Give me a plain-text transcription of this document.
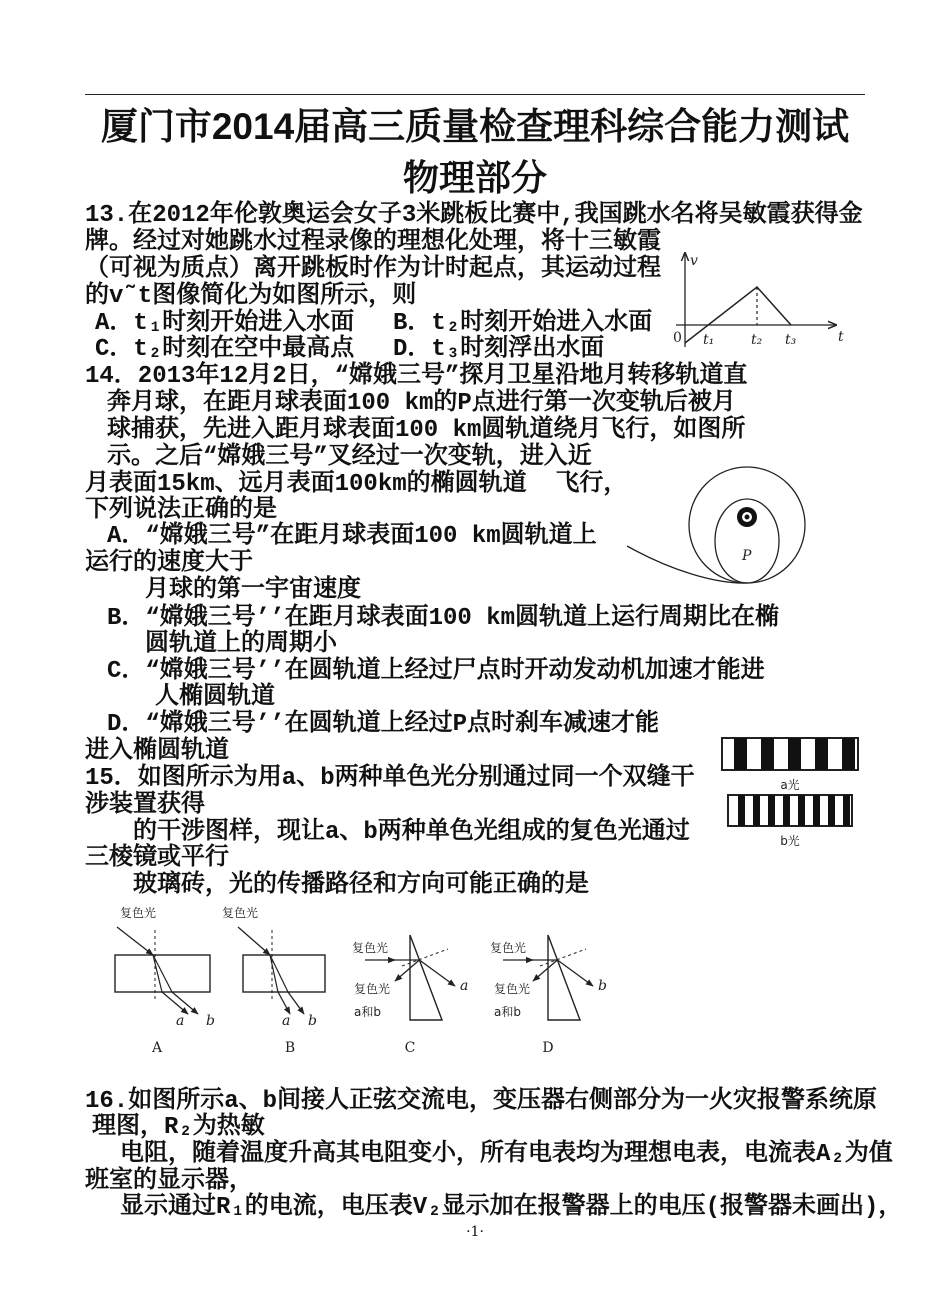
厦门市2014届高三质量检查理科综合能力测试
物理部分
13.在2012年伦敦奥运会女子3米跳板比赛中,我国跳水名将吴敏霞获得金
牌。经过对她跳水过程录像的理想化处理，将十三敏霞
（可视为质点）离开跳板时作为计时起点，其运动过程
的v˜t图像简化为如图所示，则
A．t₁时刻开始进入水面 B．t₂时刻开始进入水面
C．t₂时刻在空中最高点 D．t₃时刻浮出水面
v
0 t₁	t₂ t₃	t
14．2013年12月2日，“嫦娥三号”探月卫星沿地月转移轨道直
奔月球，在距月球表面100 km的P点进行第一次变轨后被月
球捕获，先进入距月球表面100 km圆轨道绕月飞行，如图所
示。之后“嫦娥三号”叉经过一次变轨，进入近
月表面15km、远月表面100km的椭圆轨道  飞行，
下列说法正确的是
A．“嫦娥三号”在距月球表面100 km圆轨道上
运行的速度大于
月球的第一宇宙速度
B．“嫦娥三号’’在距月球表面100 km圆轨道上运行周期比在椭
圆轨道上的周期小
C．“嫦娥三号’’在圆轨道上经过尸点时开动发动机加速才能进
人椭圆轨道
D．“嫦娥三号’’在圆轨道上经过P点时刹车减速才能
进入椭圆轨道
P
15．如图所示为用a、b两种单色光分别通过同一个双缝干
涉装置获得
的干涉图样，现让a、b两种单色光组成的复色光通过
三棱镜或平行
玻璃砖，光的传播路径和方向可能正确的是
a光
b光
复色光
a b
A
复色光
a b
B
复色光
a
复色光
a和b
C
复色光
b
复色光
a和b
D
16.如图所示a、b间接人正弦交流电，变压器右侧部分为一火灾报警系统原
理图，R₂为热敏
电阻，随着温度升高其电阻变小，所有电表均为理想电表，电流表A₂为值
班室的显示器，
显示通过R₁的电流，电压表V₂显示加在报警器上的电压(报警器未画出)，
·1·
